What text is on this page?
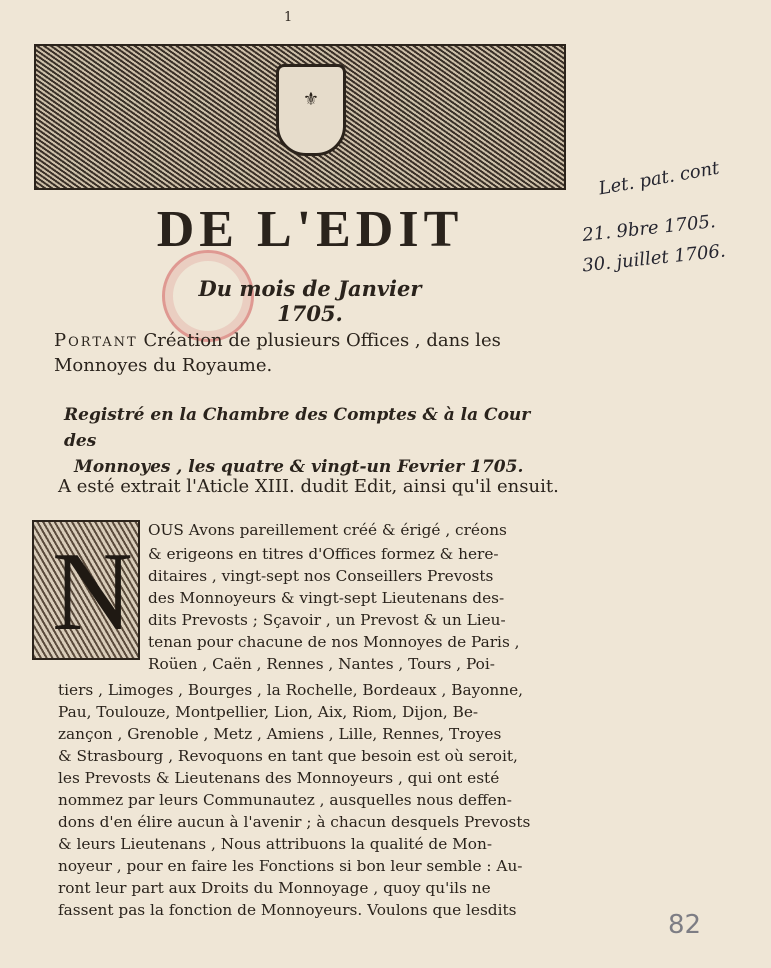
1
⚜
DE L'EDIT
Du mois de Janvier 1705.
Portant Création de plusieurs Offices , dans les
Monnoyes du Royaume.
Registré en la Chambre des Comptes & à la Cour des
Monnoyes , les quatre & vingt-un Fevrier 1705.
A esté extrait l'Aticle XIII. dudit Edit, ainsi qu'il ensuit.
N OUS Avons pareillement créé & érigé , créons
& erigeons en titres d'Offices formez & here-
ditaires , vingt-sept nos Conseillers Prevosts
des Monnoyeurs & vingt-sept Lieutenans des-
dits Prevosts ; Sçavoir , un Prevost & un Lieu-
tenan pour chacune de nos Monnoyes de Paris ,
Roüen , Caën , Rennes , Nantes , Tours , Poi-
tiers , Limoges , Bourges , la Rochelle, Bordeaux , Bayonne,
Pau, Toulouze, Montpellier, Lion, Aix, Riom, Dijon, Be-
zançon , Grenoble , Metz , Amiens , Lille, Rennes, Troyes
& Strasbourg , Revoquons en tant que besoin est où seroit,
les Prevosts & Lieutenans des Monnoyeurs , qui ont esté
nommez par leurs Communautez , ausquelles nous deffen-
dons d'en élire aucun à l'avenir ; à chacun desquels Prevosts
& leurs Lieutenans , Nous attribuons la qualité de Mon-
noyeur , pour en faire les Fonctions si bon leur semble : Au-
ront leur part aux Droits du Monnoyage , quoy qu'ils ne
fassent pas la fonction de Monnoyeurs. Voulons que lesdits
Let. pat. cont
21. 9bre 1705.
30. juillet 1706.
82
